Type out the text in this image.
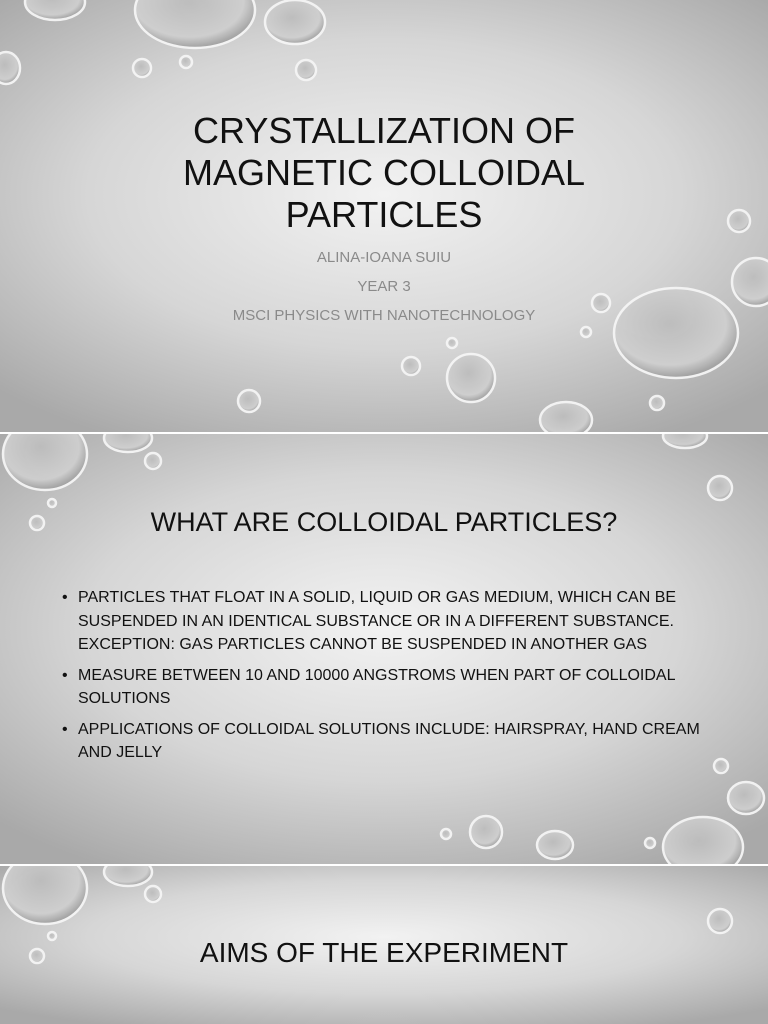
CRYSTALLIZATION OF
MAGNETIC COLLOIDAL
PARTICLES
ALINA-IOANA SUIU
YEAR 3
MSCI PHYSICS WITH NANOTECHNOLOGY
WHAT ARE COLLOIDAL PARTICLES?
• PARTICLES THAT FLOAT IN A SOLID, LIQUID OR GAS MEDIUM, WHICH CAN BE SUSPENDED IN AN IDENTICAL SUBSTANCE OR IN A DIFFERENT SUBSTANCE. EXCEPTION: GAS PARTICLES CANNOT BE SUSPENDED IN ANOTHER GAS
• MEASURE BETWEEN 10 AND 10000 ANGSTROMS WHEN PART OF COLLOIDAL SOLUTIONS
• APPLICATIONS OF COLLOIDAL SOLUTIONS INCLUDE: HAIRSPRAY, HAND CREAM AND JELLY
AIMS OF THE EXPERIMENT
